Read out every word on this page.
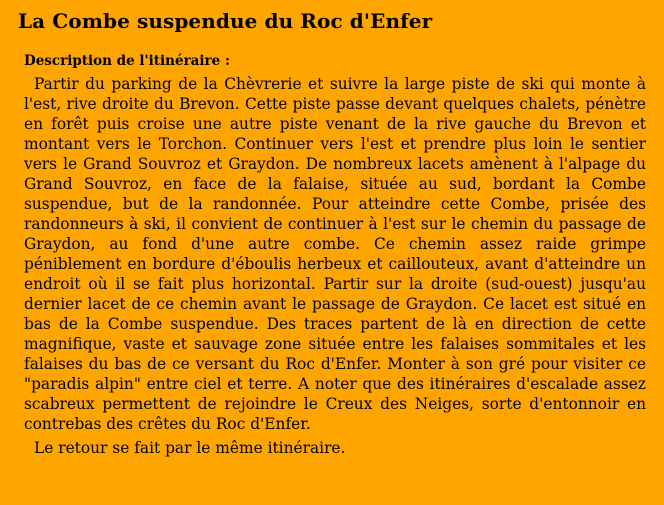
La Combe suspendue du Roc d'Enfer
Description de l'itinéraire :

Partir du parking de la Chèvrerie et suivre la large piste de ski qui monte à l'est, rive droite du Brevon. Cette piste passe devant quelques chalets, pénètre en forêt puis croise une autre piste venant de la rive gauche du Brevon et montant vers le Torchon. Continuer vers l'est et prendre plus loin le sentier vers le Grand Souvroz et Graydon. De nombreux lacets amènent à l'alpage du Grand Souvroz, en face de la falaise, située au sud, bordant la Combe suspendue, but de la randonnée. Pour atteindre cette Combe, prisée des randonneurs à ski, il convient de continuer à l'est sur le chemin du passage de Graydon, au fond d'une autre combe. Ce chemin assez raide grimpe péniblement en bordure d'éboulis herbeux et caillouteux, avant d'atteindre un endroit où il se fait plus horizontal. Partir sur la droite (sud-ouest) jusqu'au dernier lacet de ce chemin avant le passage de Graydon. Ce lacet est situé en bas de la Combe suspendue. Des traces partent de là en direction de cette magnifique, vaste et sauvage zone située entre les falaises sommitales et les falaises du bas de ce versant du Roc d'Enfer. Monter à son gré pour visiter ce "paradis alpin" entre ciel et terre. A noter que des itinéraires d'escalade assez scabreux permettent de rejoindre le Creux des Neiges, sorte d'entonnoir en contrebas des crêtes du Roc d'Enfer.

Le retour se fait par le même itinéraire.
